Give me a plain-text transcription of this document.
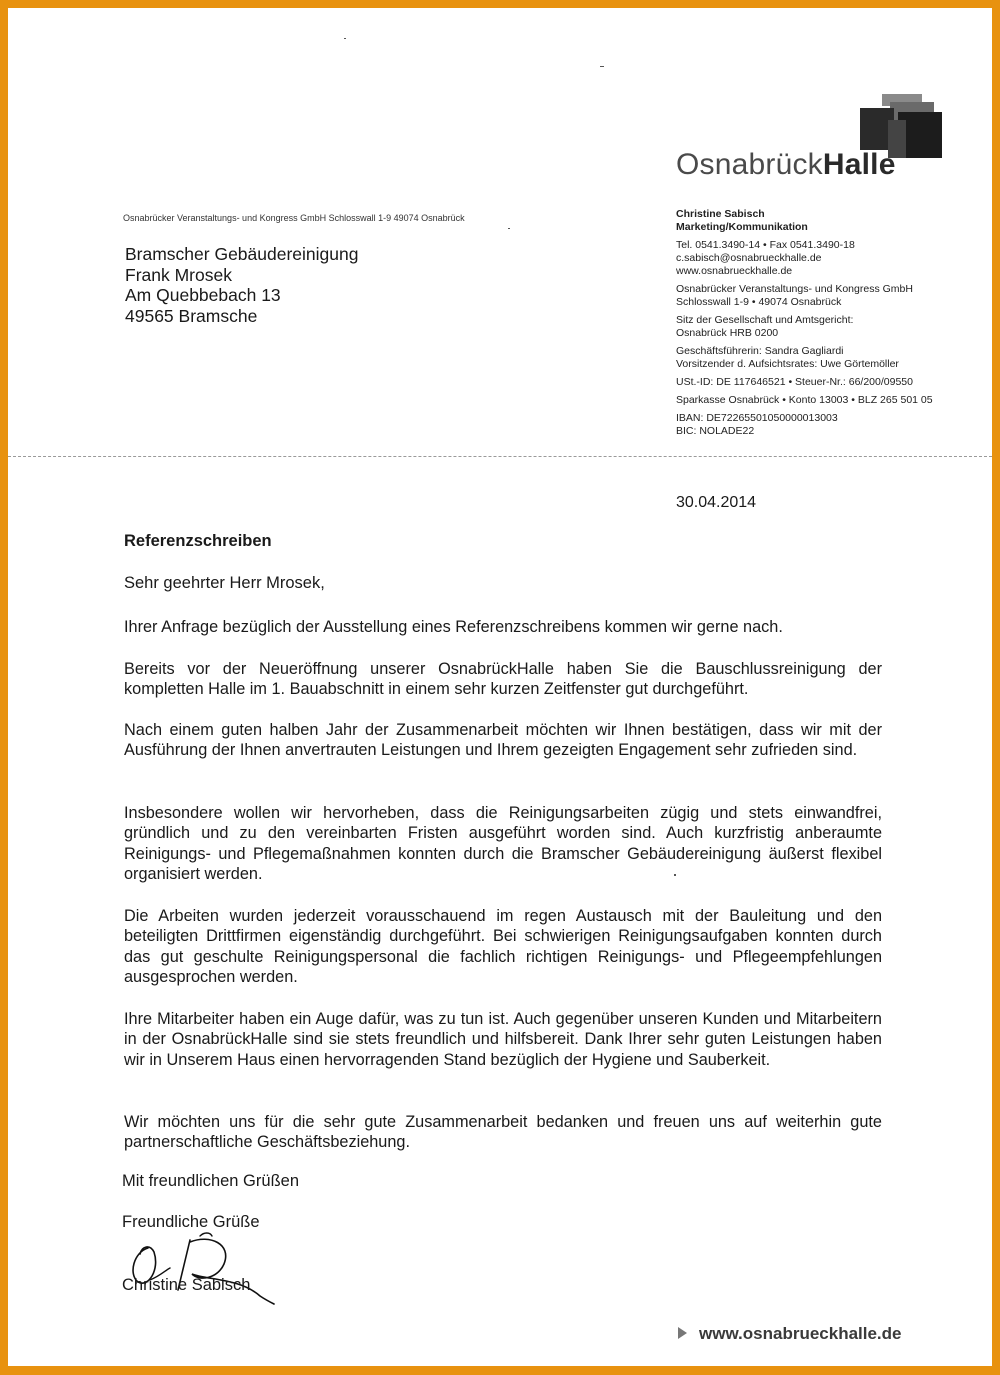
OsnabrückHalle
Osnabrücker Veranstaltungs- und Kongress GmbH Schlosswall 1-9 49074 Osnabrück
Bramscher Gebäudereinigung
Frank Mrosek
Am Quebbebach 13
49565 Bramsche
Christine Sabisch
Marketing/Kommunikation
Tel. 0541.3490-14 • Fax 0541.3490-18
c.sabisch@osnabrueckhalle.de
www.osnabrueckhalle.de
Osnabrücker Veranstaltungs- und Kongress GmbH
Schlosswall 1-9 • 49074 Osnabrück
Sitz der Gesellschaft und Amtsgericht:
Osnabrück HRB 0200
Geschäftsführerin: Sandra Gagliardi
Vorsitzender d. Aufsichtsrates: Uwe Görtemöller
USt.-ID: DE 117646521 • Steuer-Nr.: 66/200/09550
Sparkasse Osnabrück • Konto 13003 • BLZ 265 501 05
IBAN: DE72265501050000013003
BIC: NOLADE22
30.04.2014
Referenzschreiben
Sehr geehrter Herr Mrosek,
Ihrer Anfrage bezüglich der Ausstellung eines Referenzschreibens kommen wir gerne nach.
Bereits vor der Neueröffnung unserer OsnabrückHalle haben Sie die Bauschlussreinigung der kompletten Halle im 1. Bauabschnitt in einem sehr kurzen Zeitfenster gut durchgeführt.
Nach einem guten halben Jahr der Zusammenarbeit möchten wir Ihnen bestätigen, dass wir mit der Ausführung der Ihnen anvertrauten Leistungen und Ihrem gezeigten Engagement sehr zufrieden sind.
Insbesondere wollen wir hervorheben, dass die Reinigungsarbeiten zügig und stets einwandfrei, gründlich und zu den vereinbarten Fristen ausgeführt worden sind. Auch kurzfristig anberaumte Reinigungs- und Pflegemaßnahmen konnten durch die Bramscher Gebäudereinigung äußerst flexibel organisiert werden.
Die Arbeiten wurden jederzeit vorausschauend im regen Austausch mit der Bauleitung und den beteiligten Drittfirmen eigenständig durchgeführt. Bei schwierigen Reinigungsaufgaben konnten durch das gut geschulte Reinigungspersonal die fachlich richtigen Reinigungs- und Pflegeempfehlungen ausgesprochen werden.
Ihre Mitarbeiter haben ein Auge dafür, was zu tun ist. Auch gegenüber unseren Kunden und Mitarbeitern in der OsnabrückHalle sind sie stets freundlich und hilfsbereit. Dank Ihrer sehr guten Leistungen haben wir in Unserem Haus einen hervorragenden Stand bezüglich der Hygiene und Sauberkeit.
Wir möchten uns für die sehr gute Zusammenarbeit bedanken und freuen uns auf weiterhin gute partnerschaftliche Geschäftsbeziehung.
Mit freundlichen Grüßen
Freundliche Grüße
Christine Sabisch
www.osnabrueckhalle.de
